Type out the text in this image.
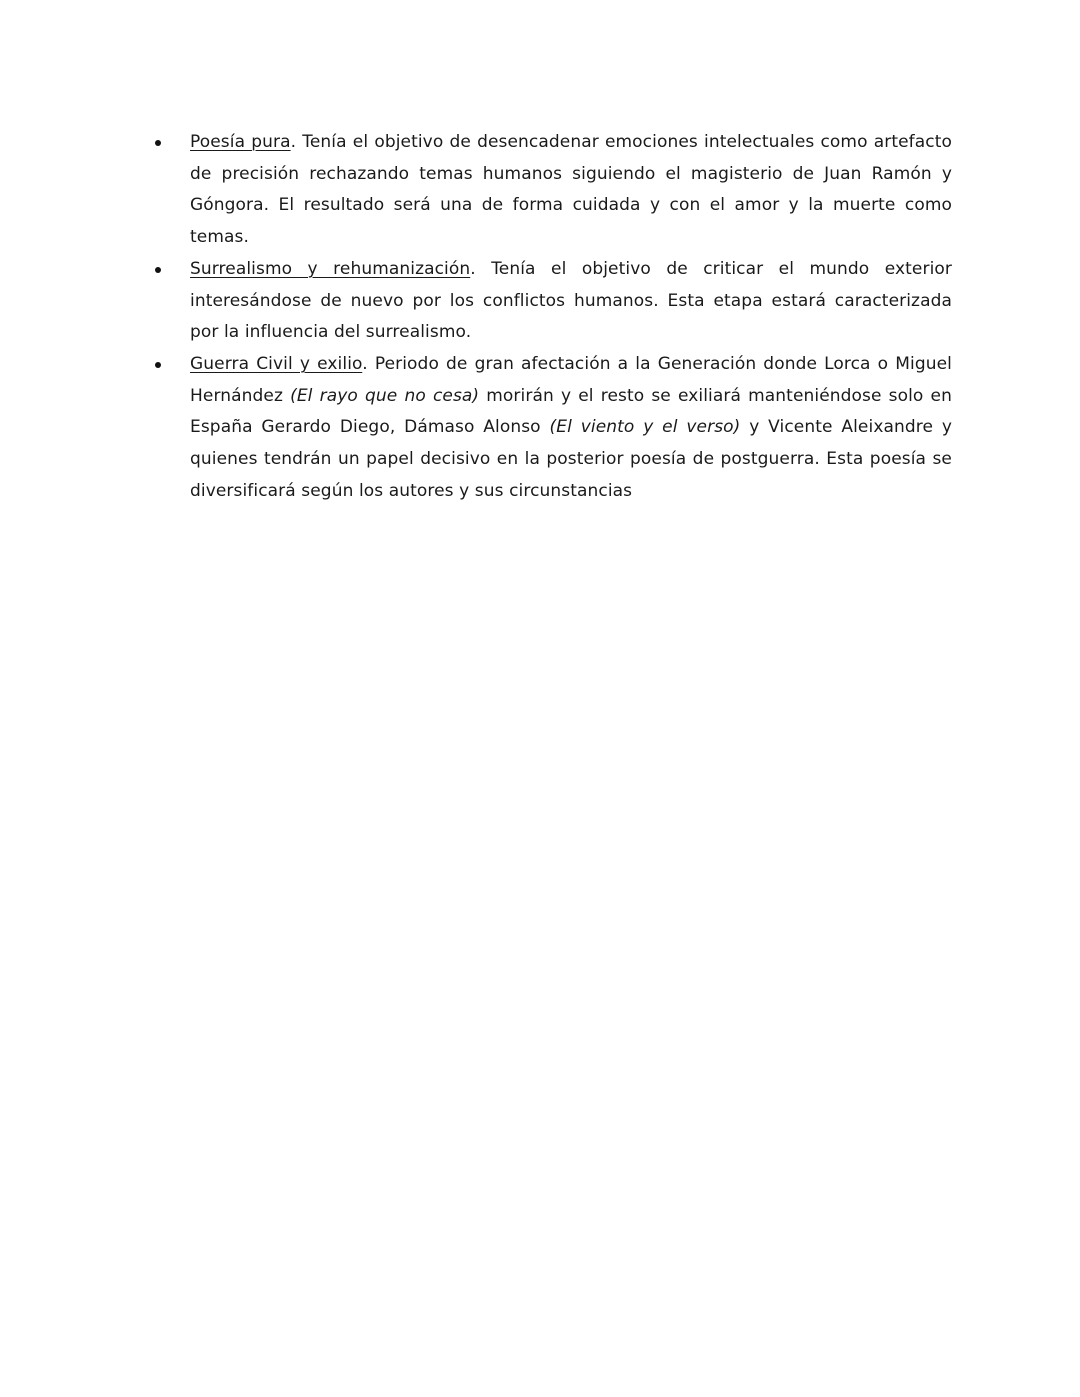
Poesía pura. Tenía el objetivo de desencadenar emociones intelectuales como artefacto de precisión rechazando temas humanos siguiendo el magisterio de Juan Ramón y Góngora. El resultado será una de forma cuidada y con el amor y la muerte como temas.
Surrealismo y rehumanización. Tenía el objetivo de criticar el mundo exterior interesándose de nuevo por los conflictos humanos. Esta etapa estará caracterizada por la influencia del surrealismo.
Guerra Civil y exilio. Periodo de gran afectación a la Generación donde Lorca o Miguel Hernández (El rayo que no cesa) morirán y el resto se exiliará manteniéndose solo en España Gerardo Diego, Dámaso Alonso (El viento y el verso) y Vicente Aleixandre y quienes tendrán un papel decisivo en la posterior poesía de postguerra. Esta poesía se diversificará según los autores y sus circunstancias
